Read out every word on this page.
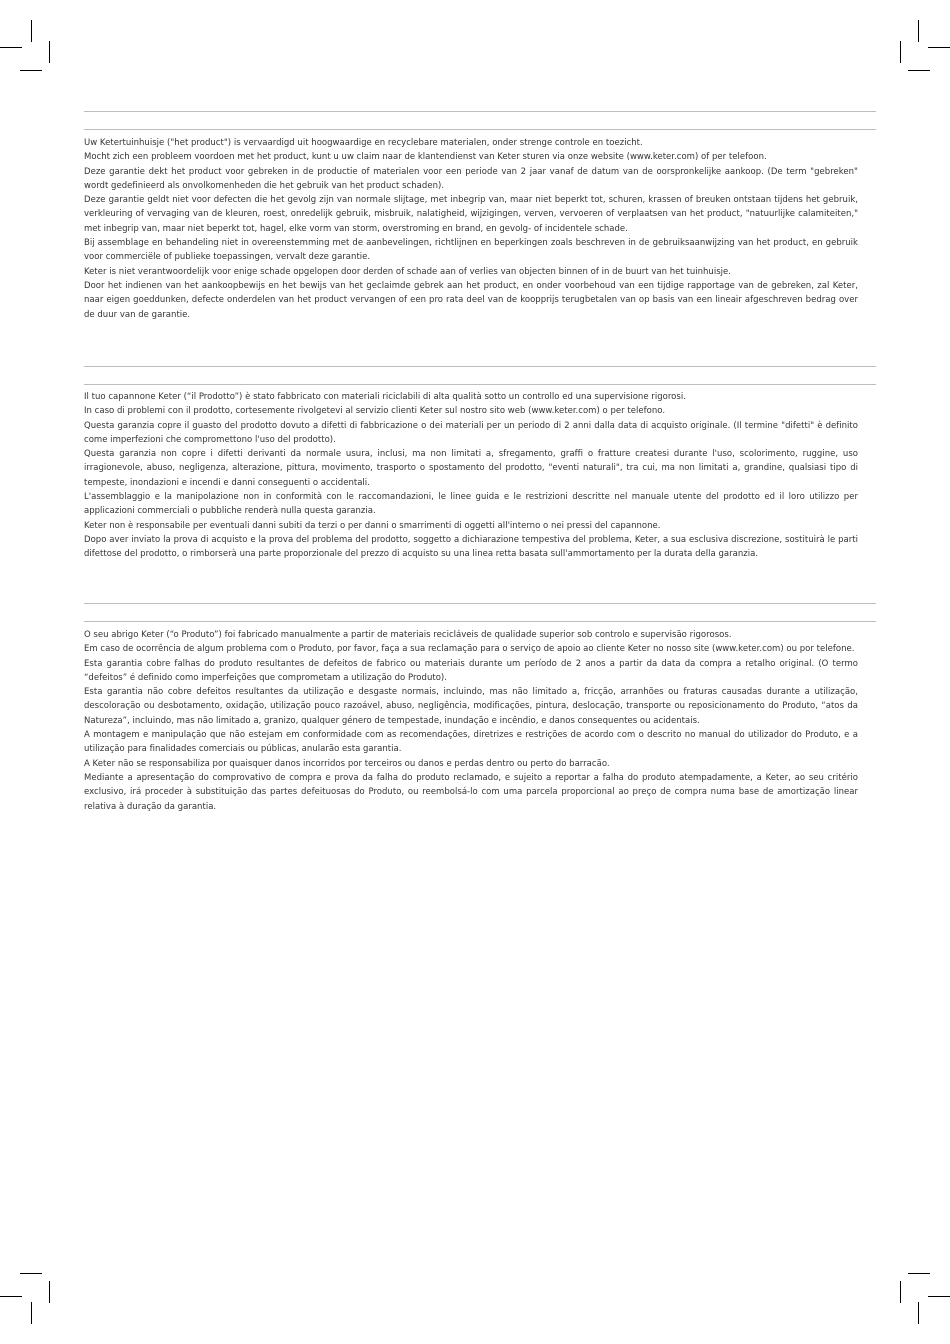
Uw Ketertuinhuisje ("het product") is vervaardigd uit hoogwaardige en recyclebare materialen, onder strenge controle en toezicht.

Mocht zich een probleem voordoen met het product, kunt u uw claim naar de klantendienst van Keter sturen via onze website (www.keter.com) of per telefoon.

Deze garantie dekt het product voor gebreken in de productie of materialen voor een periode van 2 jaar vanaf de datum van de oorspronkelijke aankoop. (De term "gebreken" wordt gedefinieerd als onvolkomenheden die het gebruik van het product schaden).

Deze garantie geldt niet voor defecten die het gevolg zijn van normale slijtage, met inbegrip van, maar niet beperkt tot, schuren, krassen of breuken ontstaan tijdens het gebruik, verkleuring of vervaging van de kleuren, roest, onredelijk gebruik, misbruik, nalatigheid, wijzigingen, verven, vervoeren of verplaatsen van het product, "natuurlijke calamiteiten," met inbegrip van, maar niet beperkt tot, hagel, elke vorm van storm, overstroming en brand, en gevolg- of incidentele schade.

Bij assemblage en behandeling niet in overeenstemming met de aanbevelingen, richtlijnen en beperkingen zoals beschreven in de gebruiksaanwijzing van het product, en gebruik voor commerciële of publieke toepassingen, vervalt deze garantie.

Keter is niet verantwoordelijk voor enige schade opgelopen door derden of schade aan of verlies van objecten binnen of in de buurt van het tuinhuisje.

Door het indienen van het aankoopbewijs en het bewijs van het geclaimde gebrek aan het product, en onder voorbehoud van een tijdige rapportage van de gebreken, zal Keter, naar eigen goeddunken, defecte onderdelen van het product vervangen of een pro rata deel van de koopprijs terugbetalen van op basis van een lineair afgeschreven bedrag over de duur van de garantie.

Il tuo capannone Keter (“il Prodotto”) è stato fabbricato con materiali riciclabili di alta qualità sotto un controllo ed una supervisione rigorosi.

In caso di problemi con il prodotto, cortesemente rivolgetevi al servizio clienti Keter sul nostro sito web (www.keter.com) o per telefono.

Questa garanzia copre il guasto del prodotto dovuto a difetti di fabbricazione o dei materiali per un periodo di 2 anni dalla data di acquisto originale. (Il termine "difetti" è definito come imperfezioni che compromettono l'uso del prodotto).

Questa garanzia non copre i difetti derivanti da normale usura, inclusi, ma non limitati a, sfregamento, graffi o fratture createsi durante l'uso, scolorimento, ruggine, uso irragionevole, abuso, negligenza, alterazione, pittura, movimento, trasporto o spostamento del prodotto, "eventi naturali", tra cui, ma non limitati a, grandine, qualsiasi tipo di tempeste, inondazioni e incendi e danni conseguenti o accidentali.

L'assemblaggio e la manipolazione non in conformità con le raccomandazioni, le linee guida e le restrizioni descritte nel manuale utente del prodotto ed il loro utilizzo per applicazioni commerciali o pubbliche renderà nulla questa garanzia.

Keter non è responsabile per eventuali danni subiti da terzi o per danni o smarrimenti di oggetti all'interno o nei pressi del capannone.

Dopo aver inviato la prova di acquisto e la prova del problema del prodotto, soggetto a dichiarazione tempestiva del problema, Keter, a sua esclusiva discrezione, sostituirà le parti difettose del prodotto, o rimborserà una parte proporzionale del prezzo di acquisto su una linea retta basata sull'ammortamento per la durata della garanzia.

O seu abrigo Keter (“o Produto”) foi fabricado manualmente a partir de materiais recicláveis de qualidade superior sob controlo e supervisão rigorosos.

Em caso de ocorrência de algum problema com o Produto, por favor, faça a sua reclamação para o serviço de apoio ao cliente Keter no nosso site (www.keter.com) ou por telefone.

Esta garantia cobre falhas do produto resultantes de defeitos de fabrico ou materiais durante um período de 2 anos a partir da data da compra a retalho original. (O termo “defeitos” é definido como imperfeições que comprometam a utilização do Produto).

Esta garantia não cobre defeitos resultantes da utilização e desgaste normais, incluindo, mas não limitado a, fricção, arranhões ou fraturas causadas durante a utilização, descoloração ou desbotamento, oxidação, utilização pouco razoável, abuso, negligência, modificações, pintura, deslocação, transporte ou reposicionamento do Produto, “atos da Natureza”, incluindo, mas não limitado a, granizo, qualquer género de tempestade, inundação e incêndio, e danos consequentes ou acidentais.

A montagem e manipulação que não estejam em conformidade com as recomendações, diretrizes e restrições de acordo com o descrito no manual do utilizador do Produto, e a utilização para finalidades comerciais ou públicas, anularão esta garantia.

A Keter não se responsabiliza por quaisquer danos incorridos por terceiros ou danos e perdas dentro ou perto do barracão.

Mediante a apresentação do comprovativo de compra e prova da falha do produto reclamado, e sujeito a reportar a falha do produto atempadamente, a Keter, ao seu critério exclusivo, irá proceder à substituição das partes defeituosas do Produto, ou reembolsá-lo com uma parcela proporcional ao preço de compra numa base de amortização linear relativa à duração da garantia.
